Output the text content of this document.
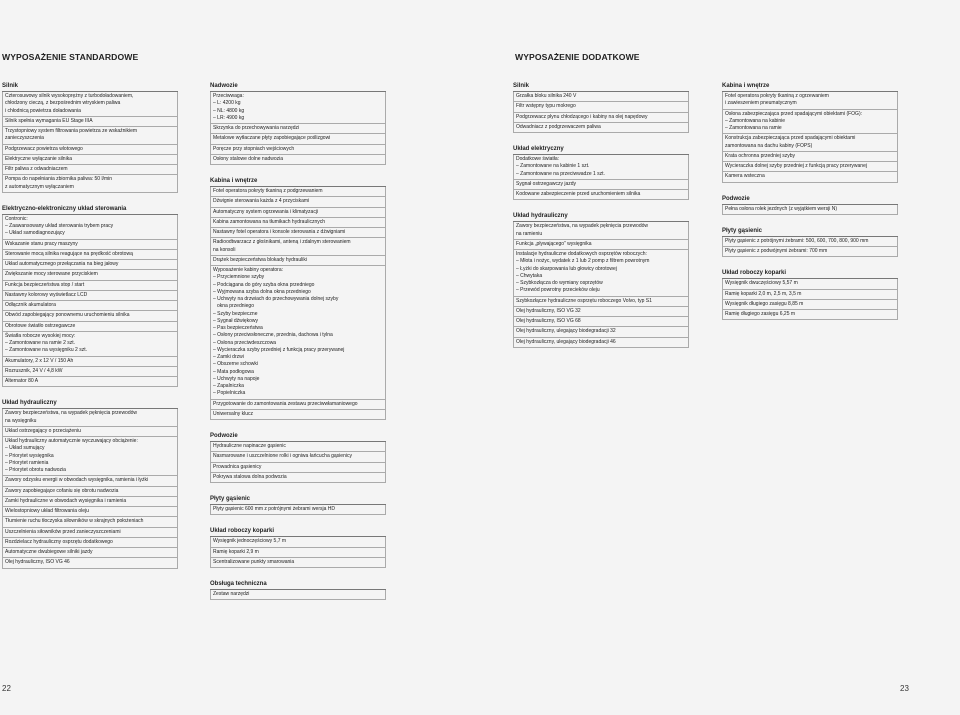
WYPOSAŻENIE STANDARDOWE	WYPOSAŻENIE DODATKOWE
Silnik
Czterosuwowy silnik wysokoprężny z turbodoładowaniem,
chłodzony cieczą, z bezpośrednim wtryskiem paliwa
i chłodnicą powietrza doładowania
Silnik spełnia wymagania EU Stage IIIA
Trzystopniowy system filtrowania powietrza ze wskaźnikiem
zanieczyszczenia
Podgrzewacz powietrza wlotowego
Elektryczne wyłączanie silnika
Filtr paliwa z odwadniaczem
Pompa do napełniania zbiornika paliwa: 50 l/min
z automatycznym wyłączaniem
Elektryczno-elektroniczny układ sterowania
Contronic:
– Zaawansowany układ sterowania trybem pracy
– Układ samodiagnozujący
Wskazanie stanu pracy maszyny
Sterowanie mocą silnika reagujące na prędkość obrotową
Układ automatycznego przełączania na bieg jałowy
Zwiększanie mocy sterowane przyciskiem
Funkcja bezpieczeństwa stop / start
Nastawny kolorowy wyświetlacz LCD
Odłącznik akumulatora
Obwód zapobiegający ponownemu uruchomieniu silnika
Obrotowe światło ostrzegawcze
Światła robocze wysokiej mocy:
– Zamontowane na ramie 2 szt.
– Zamontowane na wysięgniku 2 szt.
Akumulatory, 2 x 12 V / 150 Ah
Rozrusznik, 24 V / 4,8 kW
Alternator 80 A
Układ hydrauliczny
Zawory bezpieczeństwa, na wypadek pęknięcia przewodów
na wysięgniku
Układ ostrzegający o przeciążeniu
Układ hydrauliczny automatycznie wyczuwający obciążenie:
– Układ sumujący
– Priorytet wysięgnika
– Priorytet ramienia
– Priorytet obrotu nadwozia
Zawory odzysku energii w obwodach wysięgnika, ramienia i łyżki
Zawory zapobiegające cofaniu się obrotu nadwozia
Zamki hydrauliczne w obwodach wysięgnika i ramienia
Wielostopniowy układ filtrowania oleju
Tłumienie ruchu tłoczyska siłowników w skrajnych położeniach
Uszczelnienia siłowników przed zanieczyszczeniami
Rozdzielacz hydrauliczny osprzętu dodatkowego
Automatyczne dwubiegowe silniki jazdy
Olej hydrauliczny, ISO VG 46
Nadwozie
Przeciwwaga:
– L: 4200 kg
– NL: 4800 kg
– LR: 4900 kg
Skrzynka do przechowywania narzędzi
Metalowe wytłaczane płyty zapobiegające poślizgowi
Poręcze przy stopniach wejściowych
Osłony stalowe dolne nadwozia
Kabina i wnętrze
Fotel operatora pokryty tkaniną z podgrzewaniem
Dźwignie sterowania każda z 4 przyciskami
Automatyczny system ogrzewania i klimatyzacji
Kabina zamontowana na tłumikach hydraulicznych
Nastawny fotel operatora i konsole sterowania z dźwigniami
Radioodtwarzacz z głośnikami, anteną i zdalnym sterowaniem
na konsoli
Drążek bezpieczeństwa blokady hydrauliki
Wyposażenie kabiny operatora:
– Przyciemnione szyby
– Podciągana do góry szyba okna przedniego
– Wyjmowana szyba dolna okna przedniego
– Uchwyty na drzwiach do przechowywania dolnej szyby
okna przedniego
– Szyby bezpieczne
– Sygnał dźwiękowy
– Pas bezpieczeństwa
– Osłony przeciwsłoneczne, przednia, dachowa i tylna
– Osłona przeciwdeszczowa
– Wycieraczka szyby przedniej z funkcją pracy przerywanej
– Zamki drzwi
– Obszerne schowki
– Mata podłogowa
– Uchwyty na napoje
– Zapalniczka
– Popielniczka
Przygotowanie do zamontowania zestawu przeciwwłamaniowego
Uniwersalny klucz
Podwozie
Hydrauliczne napinacze gąsienic
Nasmarowane i uszczelnione rolki i ogniwa łańcucha gąsienicy
Prowadnica gąsienicy
Pokrywa stalowa dolna podwozia
Płyty gąsienic
Płyty gąsienic 600 mm z potrójnymi żebrami wersja HD
Układ roboczy koparki
Wysięgnik jednoczęściowy 5,7 m
Ramię koparki 2,9 m
Scentralizowane punkty smarowania
Obsługa techniczna
Zestaw narzędzi
Silnik
Grzałka bloku silnika 240 V
Filtr wstępny typu mokrego
Podgrzewacz płynu chłodzącego i kabiny na olej napędowy
Odwadniacz z podgrzewaczem paliwa
Układ elektryczny
Dodatkowe światła:
– Zamontowane na kabinie 1 szt.
– Zamontowane na przeciwwadze 1 szt.
Sygnał ostrzegawczy jazdy
Kodowane zabezpieczenie przed uruchomieniem silnika
Układ hydrauliczny
Zawory bezpieczeństwa, na wypadek pęknięcia przewodów
na ramieniu
Funkcja „pływającego” wysięgnika
Instalacje hydrauliczne dodatkowych osprzętów roboczych:
– Młota i nożyc, wydatek z 1 lub 2 pomp z filtrem powrotnym
– Łyżki do skarpowania lub głowicy obrotowej
– Chwytaka
– Szybkozłącza do wymiany osprzętów
– Przewód powrotny przecieków oleju
Szybkozłącze hydrauliczne osprzętu roboczego Volvo, typ S1
Olej hydrauliczny, ISO VG 32
Olej hydrauliczny, ISO VG 68
Olej hydrauliczny, ulegający biodegradacji 32
Olej hydrauliczny, ulegający biodegradacji 46
Kabina i wnętrze
Fotel operatora pokryty tkaniną z ogrzewaniem
i zawieszeniem pneumatycznym
Osłona zabezpieczająca przed spadającymi obiektami (FOG):
– Zamontowana na kabinie
– Zamontowana na ramie
Konstrukcja zabezpieczająca przed spadającymi obiektami
zamontowana na dachu kabiny (FOPS)
Krata ochronna przedniej szyby
Wycieraczka dolnej szyby przedniej z funkcją pracy przerywanej
Kamera wsteczna
Podwozie
Pełna osłona rolek jezdnych (z wyjątkiem wersji N)
Płyty gąsienic
Płyty gąsienic z potrójnymi żebrami: 500, 600, 700, 800, 900 mm
Płyty gąsienic z podwójnymi żebrami: 700 mm
Układ roboczy koparki
Wysięgnik dwuczęściowy 5,57 m
Ramię koparki 2,0 m, 2,5 m, 3,5 m
Wysięgnik długiego zasięgu 8,85 m
Ramię długiego zasięgu 6,25 m
22	23
